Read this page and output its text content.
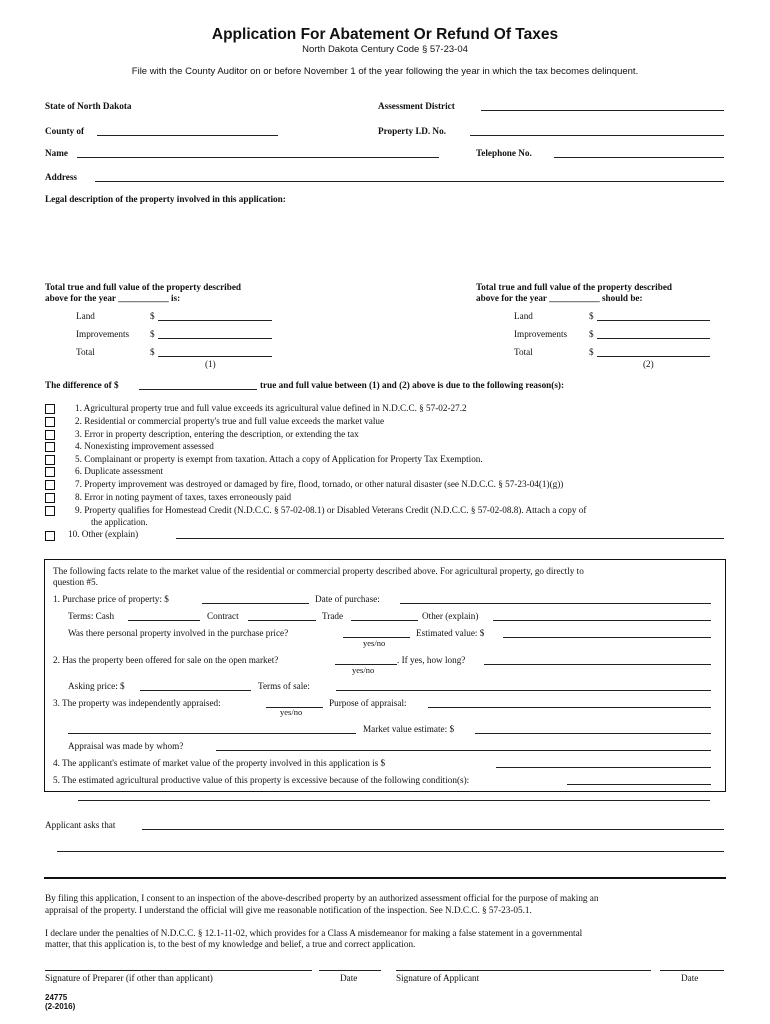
Application For Abatement Or Refund Of Taxes
North Dakota Century Code § 57-23-04
File with the County Auditor on or before November 1 of the year following the year in which the tax becomes delinquent.
State of North Dakota	Assessment District
County of	Property I.D. No.
Name	Telephone No.
Address
Legal description of the property involved in this application:
Total true and full value of the property described
above for the year ___________ is:
Total true and full value of the property described
above for the year ___________ should be:
Land	$
Improvements $
Total	$
(1)
Land	$
Improvements $
Total	$
(2)
The difference of $	true and full value between (1) and (2) above is due to the following reason(s):
1. Agricultural property true and full value exceeds its agricultural value defined in N.D.C.C. § 57-02-27.2
2. Residential or commercial property's true and full value exceeds the market value
3. Error in property description, entering the description, or extending the tax
4. Nonexisting improvement assessed
5. Complainant or property is exempt from taxation. Attach a copy of Application for Property Tax Exemption.
6. Duplicate assessment
7. Property improvement was destroyed or damaged by fire, flood, tornado, or other natural disaster (see N.D.C.C. § 57-23-04(1)(g))
8. Error in noting payment of taxes, taxes erroneously paid
9. Property qualifies for Homestead Credit (N.D.C.C. § 57-02-08.1) or Disabled Veterans Credit (N.D.C.C. § 57-02-08.8). Attach a copy of
the application.
10. Other (explain)
The following facts relate to the market value of the residential or commercial property described above. For agricultural property, go directly to
question #5.
1. Purchase price of property: $	Date of purchase:
Terms: Cash	Contract	Trade	Other (explain)
Was there personal property involved in the purchase price?
yes/no
Estimated value: $
2. Has the property been offered for sale on the open market?
yes/no
. If yes, how long?
Asking price: $	Terms of sale:
3. The property was independently appraised:
yes/no
Purpose of appraisal:
Market value estimate: $
Appraisal was made by whom?
4. The applicant's estimate of market value of the property involved in this application is $
5. The estimated agricultural productive value of this property is excessive because of the following condition(s):
Applicant asks that
By filing this application, I consent to an inspection of the above-described property by an authorized assessment official for the purpose of making an
appraisal of the property. I understand the official will give me reasonable notification of the inspection. See N.D.C.C. § 57-23-05.1.
I declare under the penalties of N.D.C.C. § 12.1-11-02, which provides for a Class A misdemeanor for making a false statement in a governmental
matter, that this application is, to the best of my knowledge and belief, a true and correct application.
Signature of Preparer (if other than applicant)	Date	Signature of Applicant	Date
24775
(2-2016)
